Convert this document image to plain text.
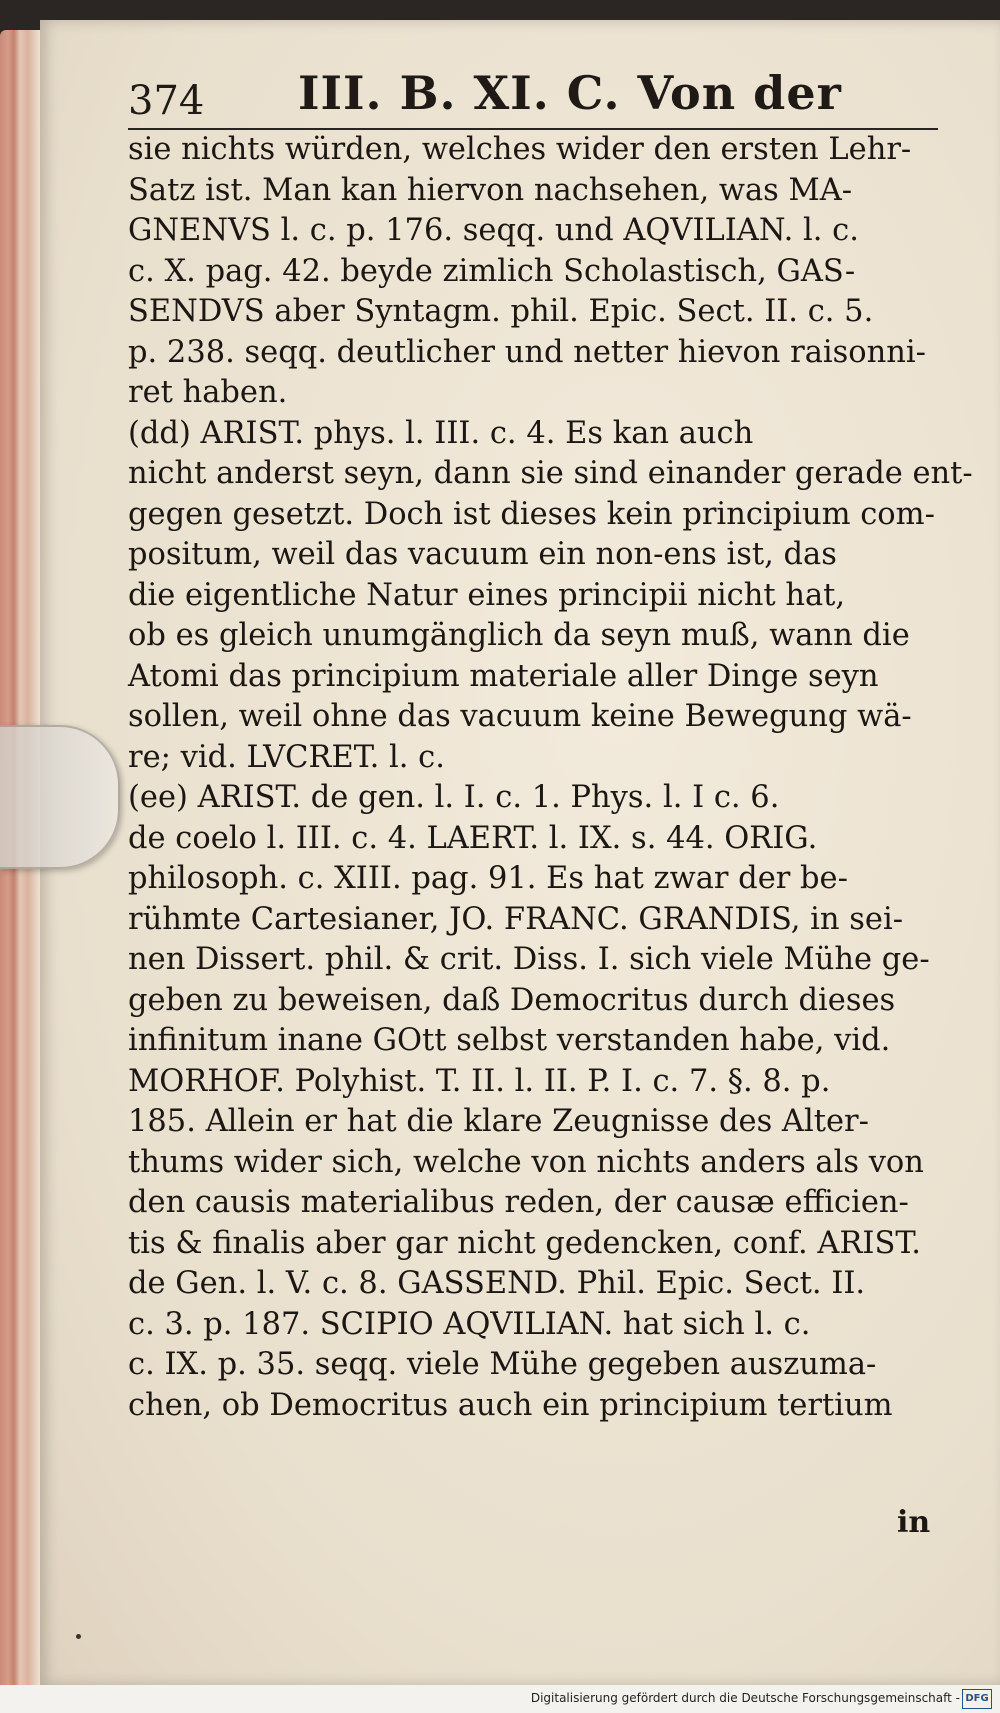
374 III. B. XI. C. Von der
sie nichts würden, welches wider den ersten Lehr-
Satz ist. Man kan hiervon nachsehen, was MA-
GNENVS l. c. p. 176. seqq. und AQVILIAN. l. c.
c. X. pag. 42. beyde zimlich Scholastisch, GAS-
SENDVS aber Syntagm. phil. Epic. Sect. II. c. 5.
p. 238. seqq. deutlicher und netter hievon raisonni-
ret haben.
(dd) ARIST. phys. l. III. c. 4. Es kan auch
nicht anderst seyn, dann sie sind einander gerade ent-
gegen gesetzt. Doch ist dieses kein principium com-
positum, weil das vacuum ein non-ens ist, das
die eigentliche Natur eines principii nicht hat,
ob es gleich unumgänglich da seyn muß, wann die
Atomi das principium materiale aller Dinge seyn
sollen, weil ohne das vacuum keine Bewegung wä-
re; vid. LVCRET. l. c.
(ee) ARIST. de gen. l. I. c. 1. Phys. l. I c. 6.
de coelo l. III. c. 4. LAERT. l. IX. s. 44. ORIG.
philosoph. c. XIII. pag. 91. Es hat zwar der be-
rühmte Cartesianer, JO. FRANC. GRANDIS, in sei-
nen Dissert. phil. & crit. Diss. I. sich viele Mühe ge-
geben zu beweisen, daß Democritus durch dieses
infinitum inane GOtt selbst verstanden habe, vid.
MORHOF. Polyhist. T. II. l. II. P. I. c. 7. §. 8. p.
185. Allein er hat die klare Zeugnisse des Alter-
thums wider sich, welche von nichts anders als von
den causis materialibus reden, der causæ efficien-
tis & finalis aber gar nicht gedencken, conf. ARIST.
de Gen. l. V. c. 8. GASSEND. Phil. Epic. Sect. II.
c. 3. p. 187. SCIPIO AQVILIAN. hat sich l. c.
c. IX. p. 35. seqq. viele Mühe gegeben auszuma-
chen, ob Democritus auch ein principium tertium
in
Digitalisierung gefördert durch die Deutsche Forschungsgemeinschaft - DFG
